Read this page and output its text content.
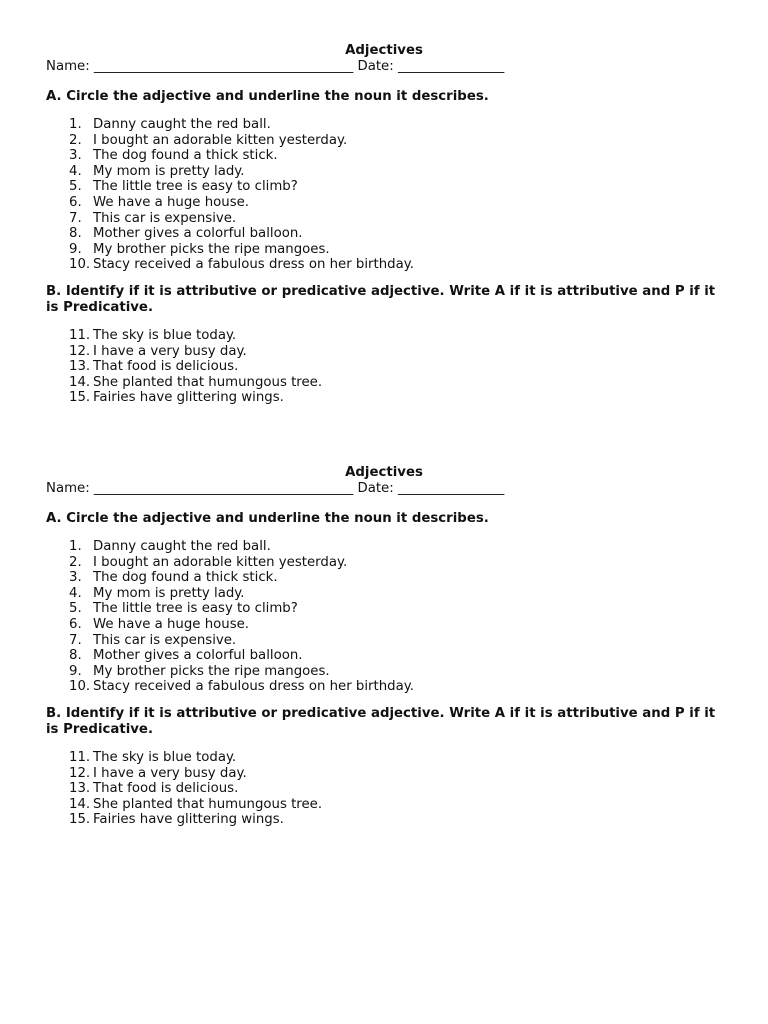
Adjectives
Name: _______________________________________ Date: ________________
A. Circle the adjective and underline the noun it describes.
1. Danny caught the red ball.
2. I bought an adorable kitten yesterday.
3. The dog found a thick stick.
4. My mom is pretty lady.
5. The little tree is easy to climb?
6. We have a huge house.
7. This car is expensive.
8. Mother gives a colorful balloon.
9. My brother picks the ripe mangoes.
10. Stacy received a fabulous dress on her birthday.
B. Identify if it is attributive or predicative adjective. Write A if it is attributive and P if it is Predicative.
11. The sky is blue today.
12. I have a very busy day.
13. That food is delicious.
14. She planted that humungous tree.
15. Fairies have glittering wings.
Adjectives
Name: _______________________________________ Date: ________________
A. Circle the adjective and underline the noun it describes.
1. Danny caught the red ball.
2. I bought an adorable kitten yesterday.
3. The dog found a thick stick.
4. My mom is pretty lady.
5. The little tree is easy to climb?
6. We have a huge house.
7. This car is expensive.
8. Mother gives a colorful balloon.
9. My brother picks the ripe mangoes.
10. Stacy received a fabulous dress on her birthday.
B. Identify if it is attributive or predicative adjective. Write A if it is attributive and P if it is Predicative.
11. The sky is blue today.
12. I have a very busy day.
13. That food is delicious.
14. She planted that humungous tree.
15. Fairies have glittering wings.
